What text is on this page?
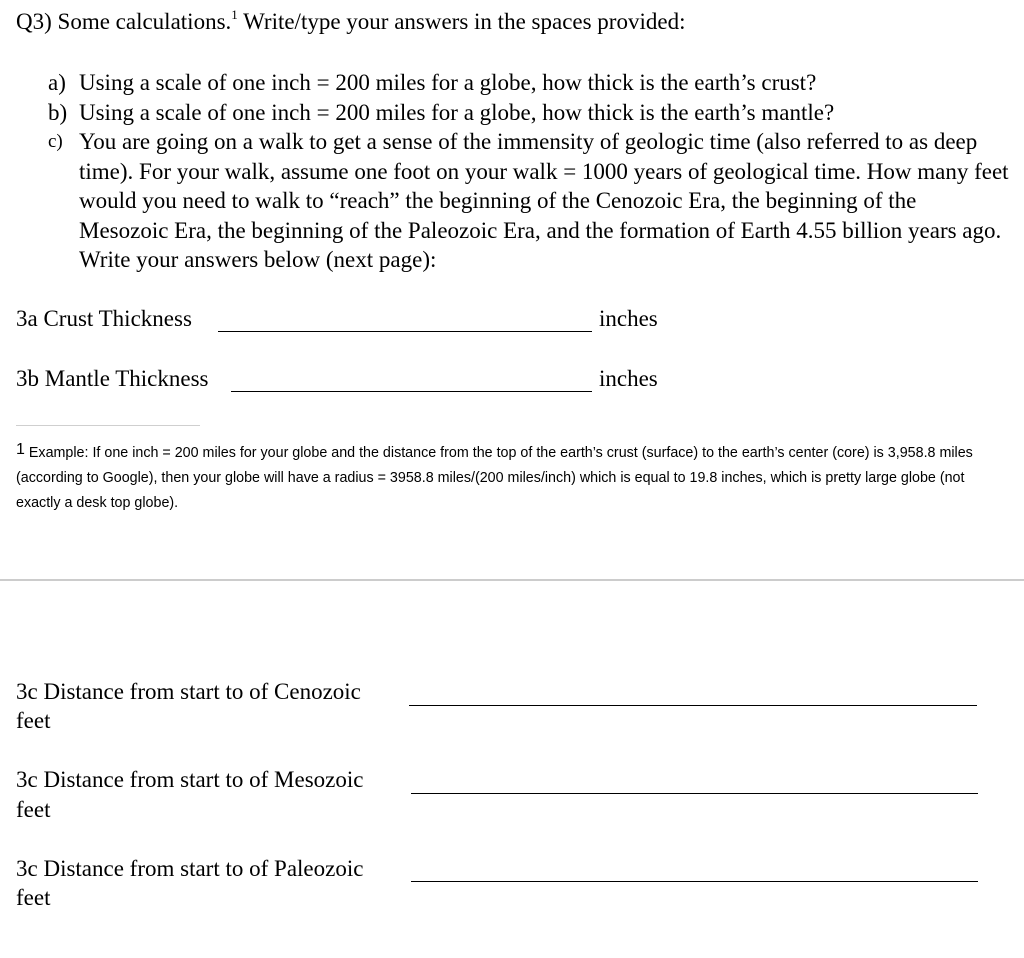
Q3) Some calculations.$^1$ Write/type your answers in the spaces provided:
a) Using a scale of one inch = 200 miles for a globe, how thick is the earth’s crust?
b) Using a scale of one inch = 200 miles for a globe, how thick is the earth’s mantle?
c) You are going on a walk to get a sense of the immensity of geologic time (also referred to as deep time). For your walk, assume one foot on your walk = 1000 years of geological time. How many feet would you need to walk to “reach” the beginning of the Cenozoic Era, the beginning of the Mesozoic Era, the beginning of the Paleozoic Era, and the formation of Earth 4.55 billion years ago. Write your answers below (next page):
3a Crust Thickness	inches
3b Mantle Thickness	inches
$^1$ Example: If one inch = 200 miles for your globe and the distance from the top of the earth’s crust (surface) to the earth’s center (core) is 3,958.8 miles (according to Google), then your globe will have a radius = 3958.8 miles/(200 miles/inch) which is equal to 19.8 inches, which is pretty large globe (not exactly a desk top globe).
3c Distance from start to of Cenozoic
feet
3c Distance from start to of Mesozoic
feet
3c Distance from start to of Paleozoic
feet
